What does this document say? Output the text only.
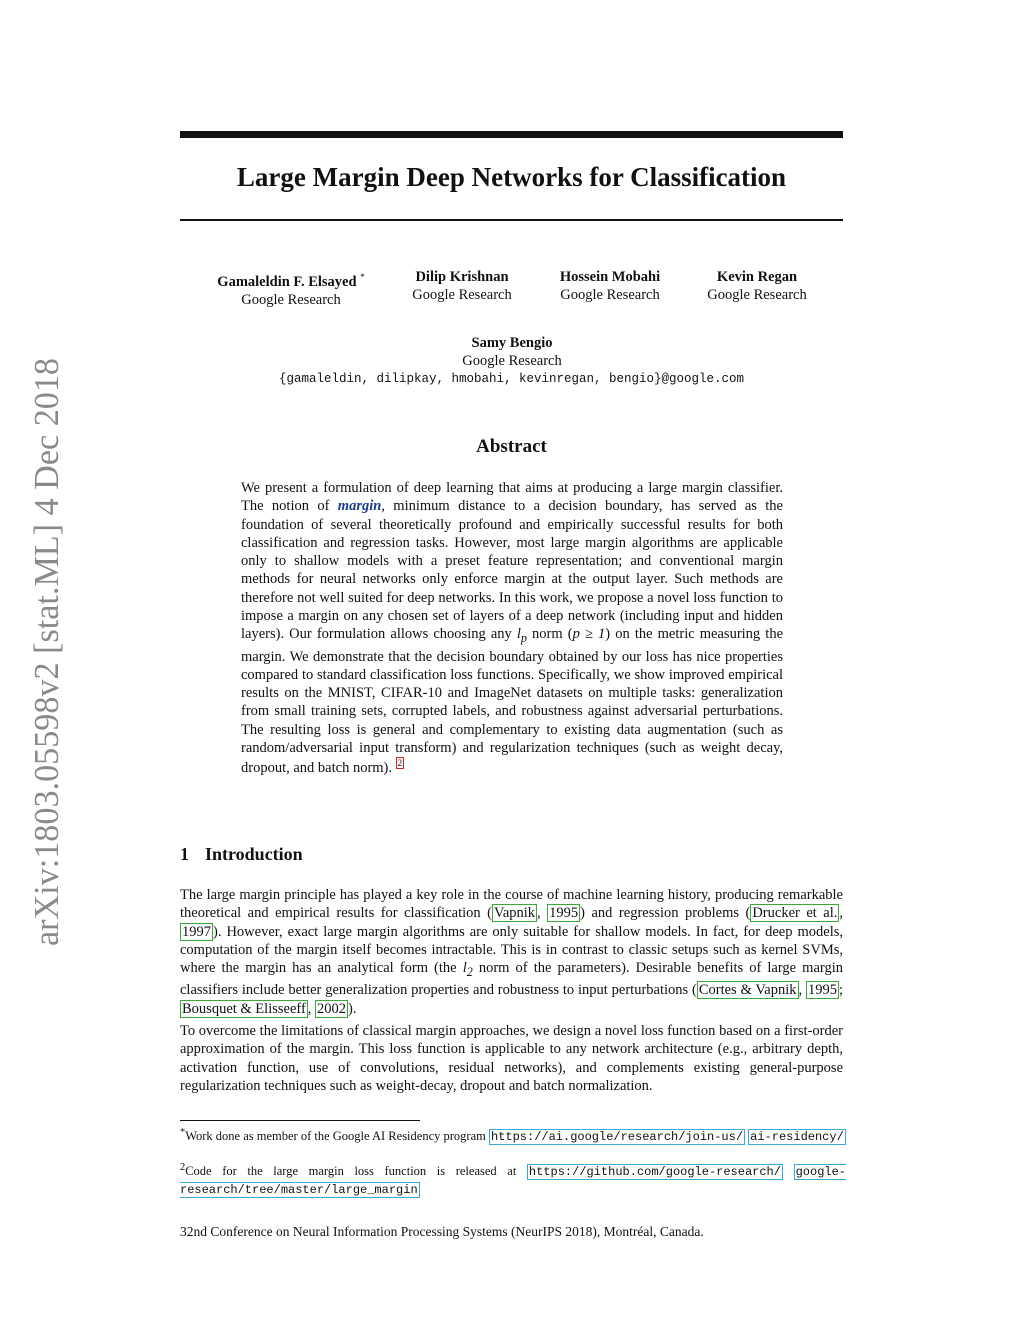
arXiv:1803.05598v2 [stat.ML] 4 Dec 2018
Large Margin Deep Networks for Classification
Gamaleldin F. Elsayed *
Google Research
Dilip Krishnan
Google Research
Hossein Mobahi
Google Research
Kevin Regan
Google Research
Samy Bengio
Google Research
{gamaleldin, dilipkay, hmobahi, kevinregan, bengio}@google.com
Abstract
We present a formulation of deep learning that aims at producing a large margin classifier. The notion of margin, minimum distance to a decision boundary, has served as the foundation of several theoretically profound and empirically successful results for both classification and regression tasks. However, most large margin algorithms are applicable only to shallow models with a preset feature representation; and conventional margin methods for neural networks only enforce margin at the output layer. Such methods are therefore not well suited for deep networks. In this work, we propose a novel loss function to impose a margin on any chosen set of layers of a deep network (including input and hidden layers). Our formulation allows choosing any $l_p$ norm (p ≥ 1) on the metric measuring the margin. We demonstrate that the decision boundary obtained by our loss has nice properties compared to standard classification loss functions. Specifically, we show improved empirical results on the MNIST, CIFAR-10 and ImageNet datasets on multiple tasks: generalization from small training sets, corrupted labels, and robustness against adversarial perturbations. The resulting loss is general and complementary to existing data augmentation (such as random/adversarial input transform) and regularization techniques (such as weight decay, dropout, and batch norm). 2
1 Introduction
The large margin principle has played a key role in the course of machine learning history, producing remarkable theoretical and empirical results for classification ( Vapnik , 1995 ) and regression problems ( Drucker et al. , 1997 ). However, exact large margin algorithms are only suitable for shallow models. In fact, for deep models, computation of the margin itself becomes intractable. This is in contrast to classic setups such as kernel SVMs, where the margin has an analytical form (the $l_2$ norm of the parameters). Desirable benefits of large margin classifiers include better generalization properties and robustness to input perturbations ( Cortes & Vapnik , 1995 ; Bousquet & Elisseeff , 2002 ).
To overcome the limitations of classical margin approaches, we design a novel loss function based on a first-order approximation of the margin. This loss function is applicable to any network architecture (e.g., arbitrary depth, activation function, use of convolutions, residual networks), and complements existing general-purpose regularization techniques such as weight-decay, dropout and batch normalization.
*Work done as member of the Google AI Residency program https://ai.google/research/join-us/ ai-residency/
$^2$Code for the large margin loss function is released at https://github.com/google-research/ google-research/tree/master/large_margin
32nd Conference on Neural Information Processing Systems (NeurIPS 2018), Montréal, Canada.
